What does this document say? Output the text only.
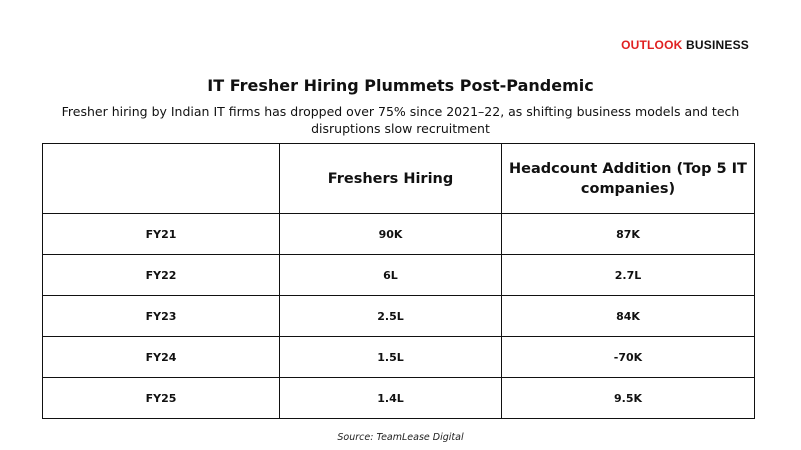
OUTLOOK BUSINESS
IT Fresher Hiring Plummets Post-Pandemic

Fresher hiring by Indian IT firms has dropped over 75% since 2021–22, as shifting business models and tech disruptions slow recruitment

	Freshers Hiring	Headcount Addition (Top 5 IT companies)
FY21	90K	87K
FY22	6L	2.7L
FY23	2.5L	84K
FY24	1.5L	-70K
FY25	1.4L	9.5K
Source: TeamLease Digital
